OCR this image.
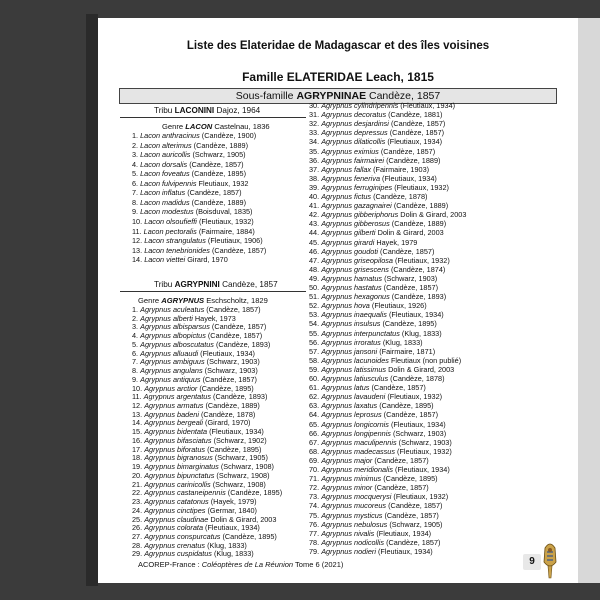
Liste des Elateridae de Madagascar et des îles voisines
Famille ELATERIDAE Leach, 1815
Sous-famille AGRYPNINAE Candèze, 1857
Tribu LACONINI Dajoz, 1964
Genre LACON Castelnau, 1836
1. Lacon anthracinus (Candèze, 1900)
2. Lacon alterimus (Candèze, 1889)
3. Lacon auricollis (Schwarz, 1905)
4. Lacon dorsalis (Candèze, 1857)
5. Lacon foveatus (Candèze, 1895)
6. Lacon fulvipennis Fleutiaux, 1932
7. Lacon inflatus (Candèze, 1857)
8. Lacon madidus (Candèze, 1889)
9. Lacon modestus (Boisduval, 1835)
10. Lacon olsoufieffi (Fleutiaux, 1932)
11. Lacon pectoralis (Fairmaire, 1884)
12. Lacon strangulatus (Fleutiaux, 1906)
13. Lacon tenebrionides (Candèze, 1857)
14. Lacon viettei Girard, 1970
Tribu AGRYPNINI Candèze, 1857
Genre AGRYPNUS Eschscholtz, 1829
1. Agrypnus aculeatus (Candèze, 1857)
2. Agrypnus alberti Hayek, 1973
3. Agrypnus albisparsus (Candèze, 1857)
4. Agrypnus albopictus (Candèze, 1857)
5. Agrypnus alboscutatus (Candèze, 1893)
6. Agrypnus alluaudi (Fleutiaux, 1934)
7. Agrypnus ambiguus (Schwarz, 1903)
8. Agrypnus angulans (Schwarz, 1903)
9. Agrypnus antiquus (Candèze, 1857)
10. Agrypnus arctior (Candèze, 1895)
11. Agrypnus argentatus (Candèze, 1893)
12. Agrypnus armatus (Candèze, 1889)
13. Agrypnus badeni (Candèze, 1878)
14. Agrypnus bergeali (Girard, 1970)
15. Agrypnus bidentata (Fleutiaux, 1934)
16. Agrypnus bifasciatus (Schwarz, 1902)
17. Agrypnus biforatus (Candèze, 1895)
18. Agrypnus bigranosus (Schwarz, 1905)
19. Agrypnus bimarginatus (Schwarz, 1908)
20. Agrypnus bipunctatus (Schwarz, 1908)
21. Agrypnus carinicollis (Schwarz, 1908)
22. Agrypnus castaneipennis (Candèze, 1895)
23. Agrypnus catatonus (Hayek, 1979)
24. Agrypnus cinctipes (Germar, 1840)
25. Agrypnus claudinae Dolin & Girard, 2003
26. Agrypnus colorata (Fleutiaux, 1934)
27. Agrypnus conspurcatus (Candèze, 1895)
28. Agrypnus crenatus (Klug, 1833)
29. Agrypnus cuspidatus (Klug, 1833)
30. Agrypnus cylindripennis (Fleutiaux, 1934)
31. Agrypnus decoratus (Candèze, 1881)
32. Agrypnus desjardinsi (Candèze, 1857)
33. Agrypnus depressus (Candèze, 1857)
34. Agrypnus dilaticollis (Fleutiaux, 1934)
35. Agrypnus eximius (Candèze, 1857)
36. Agrypnus fairmairei (Candèze, 1889)
37. Agrypnus fallax (Fairmaire, 1903)
38. Agrypnus feneriva (Fleutiaux, 1934)
39. Agrypnus ferruginipes (Fleutiaux, 1932)
40. Agrypnus fictus (Candèze, 1878)
41. Agrypnus gazagnairei (Candèze, 1889)
42. Agrypnus gibberiphorus Dolin & Girard, 2003
43. Agrypnus gibberosus (Candèze, 1889)
44. Agrypnus gilberti Dolin & Girard, 2003
45. Agrypnus girardi Hayek, 1979
46. Agrypnus goudoti (Candèze, 1857)
47. Agrypnus griseopilosa (Fleutiaux, 1932)
48. Agrypnus grisescens (Candèze, 1874)
49. Agrypnus hamatus (Schwarz, 1903)
50. Agrypnus hastatus (Candèze, 1857)
51. Agrypnus hexagonus (Candèze, 1893)
52. Agrypnus hova (Fleutiaux, 1926)
53. Agrypnus inaequalis (Fleutiaux, 1934)
54. Agrypnus insulsus (Candèze, 1895)
55. Agrypnus interpunctatus (Klug, 1833)
56. Agrypnus irroratus (Klug, 1833)
57. Agrypnus jansoni (Fairmaire, 1871)
58. Agrypnus lacunoides Fleutiaux (non publié)
59. Agrypnus latissimus Dolin & Girard, 2003
60. Agrypnus latiusculus (Candèze, 1878)
61. Agrypnus latus (Candèze, 1857)
62. Agrypnus lavaudeni (Fleutiaux, 1932)
63. Agrypnus laxatus (Candèze, 1895)
64. Agrypnus leprosus (Candèze, 1857)
65. Agrypnus longicornis (Fleutiaux, 1934)
66. Agrypnus longipennis (Schwarz, 1903)
67. Agrypnus maculipennis (Schwarz, 1903)
68. Agrypnus madecassus (Fleutiaux, 1932)
69. Agrypnus major (Candèze, 1857)
70. Agrypnus meridionalis (Fleutiaux, 1934)
71. Agrypnus minimus (Candèze, 1895)
72. Agrypnus minor (Candèze, 1857)
73. Agrypnus mocquerysi (Fleutiaux, 1932)
74. Agrypnus mucoreus (Candèze, 1857)
75. Agrypnus mysticus (Candèze, 1857)
76. Agrypnus nebulosus (Schwarz, 1905)
77. Agrypnus nivalis (Fleutiaux, 1934)
78. Agrypnus nodicollis (Candèze, 1857)
79. Agrypnus nodieri (Fleutiaux, 1934)
ACOREP-France : Coléoptères de La Réunion Tome 6 (2021)	9
